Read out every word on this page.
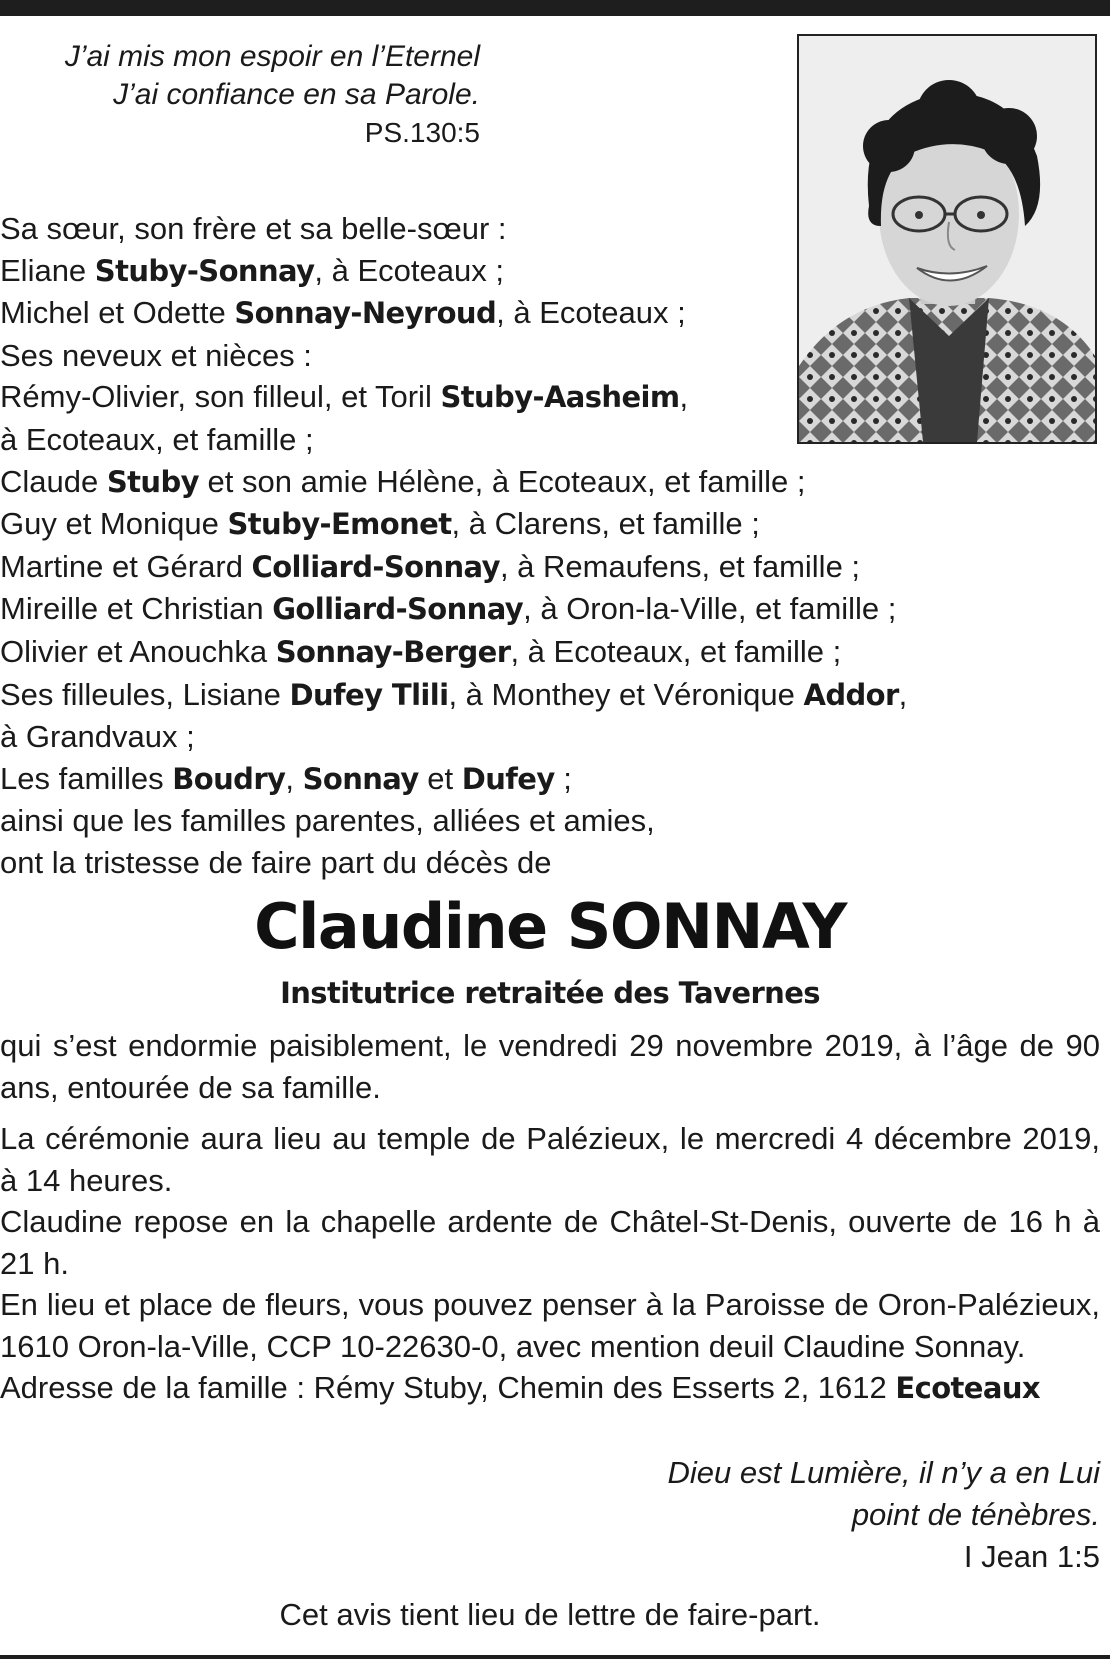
J’ai mis mon espoir en l’Eternel
J’ai confiance en sa Parole.
PS.130:5
Sa sœur, son frère et sa belle-sœur :
Eliane Stuby-Sonnay, à Ecoteaux ;
Michel et Odette Sonnay-Neyroud, à Ecoteaux ;
Ses neveux et nièces :
Rémy-Olivier, son filleul, et Toril Stuby-Aasheim,
à Ecoteaux, et famille ;
Claude Stuby et son amie Hélène, à Ecoteaux, et famille ;
Guy et Monique Stuby-Emonet, à Clarens, et famille ;
Martine et Gérard Colliard-Sonnay, à Remaufens, et famille ;
Mireille et Christian Golliard-Sonnay, à Oron-la-Ville, et famille ;
Olivier et Anouchka Sonnay-Berger, à Ecoteaux, et famille ;
Ses filleules, Lisiane Dufey Tlili, à Monthey et Véronique Addor,
à Grandvaux ;
Les familles Boudry, Sonnay et Dufey ;
ainsi que les familles parentes, alliées et amies,
ont la tristesse de faire part du décès de
Claudine SONNAY
Institutrice retraitée des Tavernes

qui s’est endormie paisiblement, le vendredi 29 novembre 2019, à l’âge de 90 ans, entourée de sa famille.

La cérémonie aura lieu au temple de Palézieux, le mercredi 4 décembre 2019, à 14 heures.

Claudine repose en la chapelle ardente de Châtel-St-Denis, ouverte de 16 h à 21 h.

En lieu et place de fleurs, vous pouvez penser à la Paroisse de Oron-Palézieux, 1610 Oron-la-Ville, CCP 10-22630-0, avec mention deuil Claudine Sonnay.

Adresse de la famille : Rémy Stuby, Chemin des Esserts 2, 1612 Ecoteaux

Dieu est Lumière, il n’y a en Lui
point de ténèbres.
I Jean 1:5
Cet avis tient lieu de lettre de faire-part.
